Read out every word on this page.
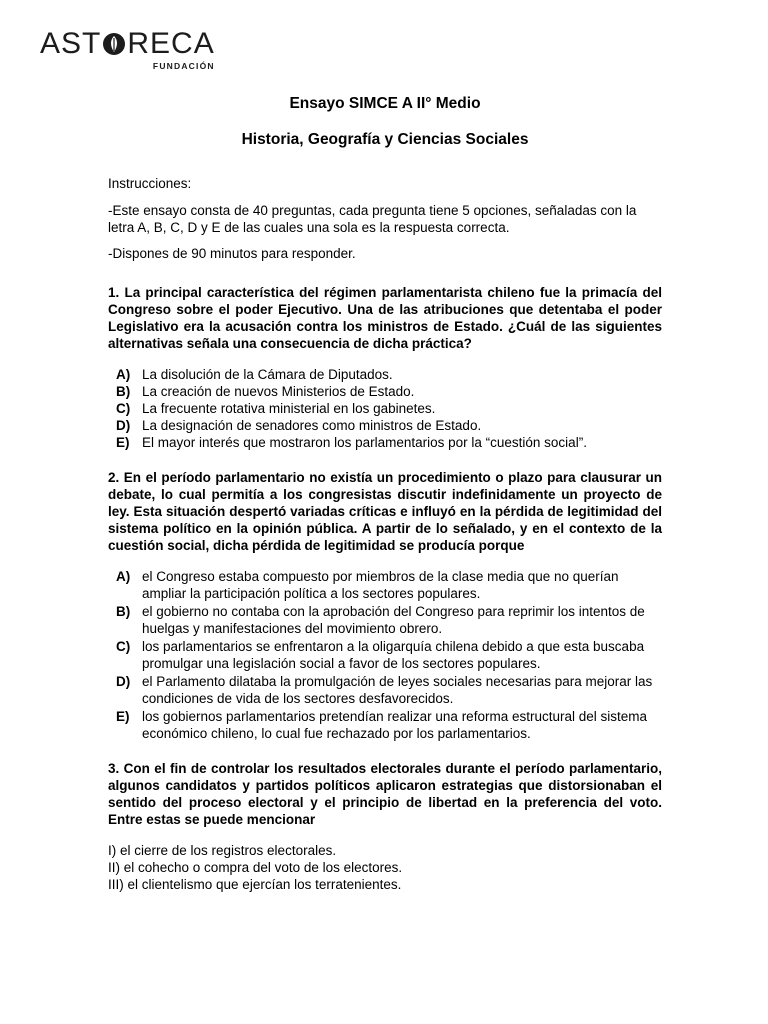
AST RECA
FUNDACIÓN

Ensayo SIMCE A II° Medio

Historia, Geografía y Ciencias Sociales

Instrucciones:

-Este ensayo consta de 40 preguntas, cada pregunta tiene 5 opciones, señaladas con la letra A, B, C, D y E de las cuales una sola es la respuesta correcta.

-Dispones de 90 minutos para responder.

1. La principal característica del régimen parlamentarista chileno fue la primacía del Congreso sobre el poder Ejecutivo. Una de las atribuciones que detentaba el poder Legislativo era la acusación contra los ministros de Estado. ¿Cuál de las siguientes alternativas señala una consecuencia de dicha práctica?

A) La disolución de la Cámara de Diputados.
B) La creación de nuevos Ministerios de Estado.
C) La frecuente rotativa ministerial en los gabinetes.
D) La designación de senadores como ministros de Estado.
E) El mayor interés que mostraron los parlamentarios por la “cuestión social”.

2. En el período parlamentario no existía un procedimiento o plazo para clausurar un debate, lo cual permitía a los congresistas discutir indefinidamente un proyecto de ley. Esta situación despertó variadas críticas e influyó en la pérdida de legitimidad del sistema político en la opinión pública. A partir de lo señalado, y en el contexto de la cuestión social, dicha pérdida de legitimidad se producía porque

A) el Congreso estaba compuesto por miembros de la clase media que no querían ampliar la participación política a los sectores populares.
B) el gobierno no contaba con la aprobación del Congreso para reprimir los intentos de huelgas y manifestaciones del movimiento obrero.
C) los parlamentarios se enfrentaron a la oligarquía chilena debido a que esta buscaba promulgar una legislación social a favor de los sectores populares.
D) el Parlamento dilataba la promulgación de leyes sociales necesarias para mejorar las condiciones de vida de los sectores desfavorecidos.
E) los gobiernos parlamentarios pretendían realizar una reforma estructural del sistema económico chileno, lo cual fue rechazado por los parlamentarios.

3. Con el fin de controlar los resultados electorales durante el período parlamentario, algunos candidatos y partidos políticos aplicaron estrategias que distorsionaban el sentido del proceso electoral y el principio de libertad en la preferencia del voto. Entre estas se puede mencionar

I) el cierre de los registros electorales.
II) el cohecho o compra del voto de los electores.
III) el clientelismo que ejercían los terratenientes.
